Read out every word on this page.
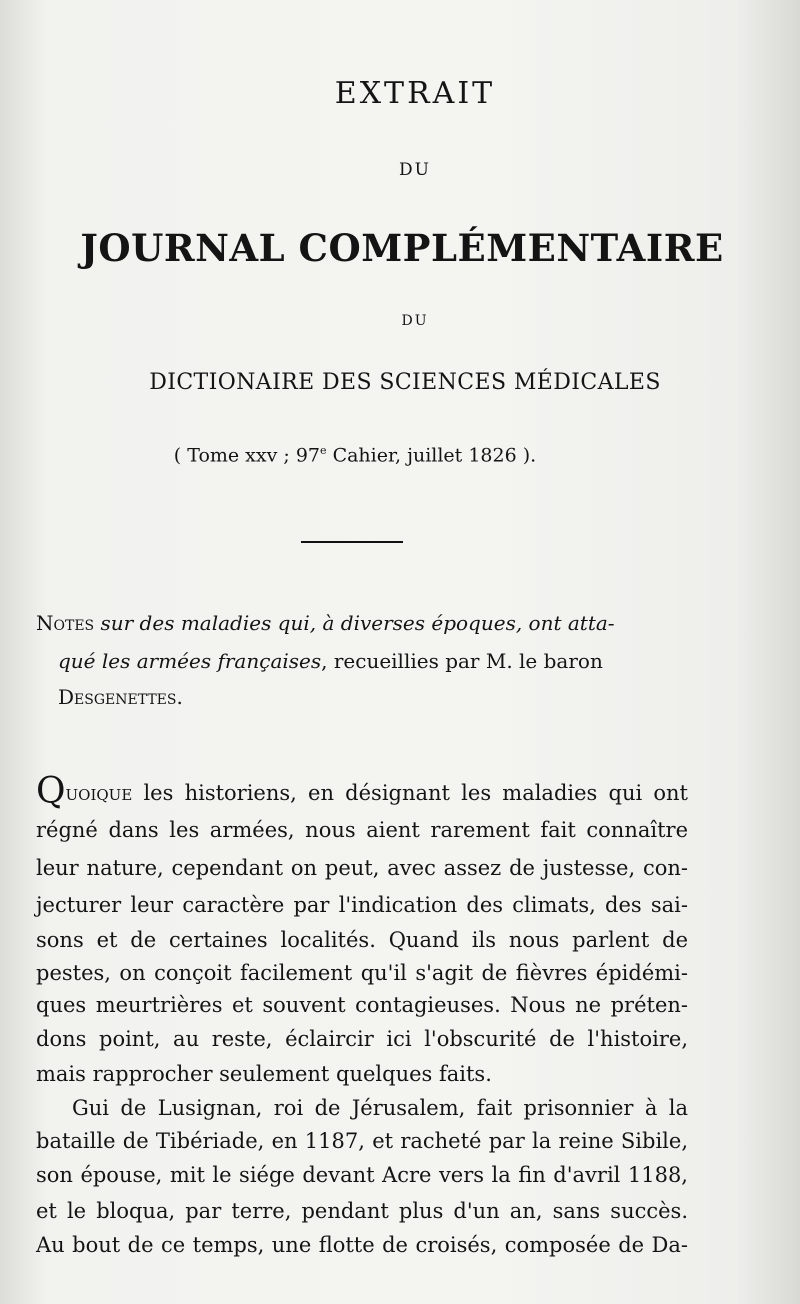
EXTRAIT
DU
JOURNAL COMPLÉMENTAIRE
DU
DICTIONAIRE DES SCIENCES MÉDICALES
( Tome xxv ; 97e Cahier, juillet 1826 ).
Notes sur des maladies qui, à diverses époques, ont atta-
qué les armées françaises, recueillies par M. le baron
Desgenettes.
Quoique les historiens, en désignant les maladies qui ont
régné dans les armées, nous aient rarement fait connaître
leur nature, cependant on peut, avec assez de justesse, con-
jecturer leur caractère par l'indication des climats, des sai-
sons et de certaines localités. Quand ils nous parlent de
pestes, on conçoit facilement qu'il s'agit de fièvres épidémi-
ques meurtrières et souvent contagieuses. Nous ne préten-
dons point, au reste, éclaircir ici l'obscurité de l'histoire,
mais rapprocher seulement quelques faits.
Gui de Lusignan, roi de Jérusalem, fait prisonnier à la
bataille de Tibériade, en 1187, et racheté par la reine Sibile,
son épouse, mit le siége devant Acre vers la fin d'avril 1188,
et le bloqua, par terre, pendant plus d'un an, sans succès.
Au bout de ce temps, une flotte de croisés, composée de Da-
